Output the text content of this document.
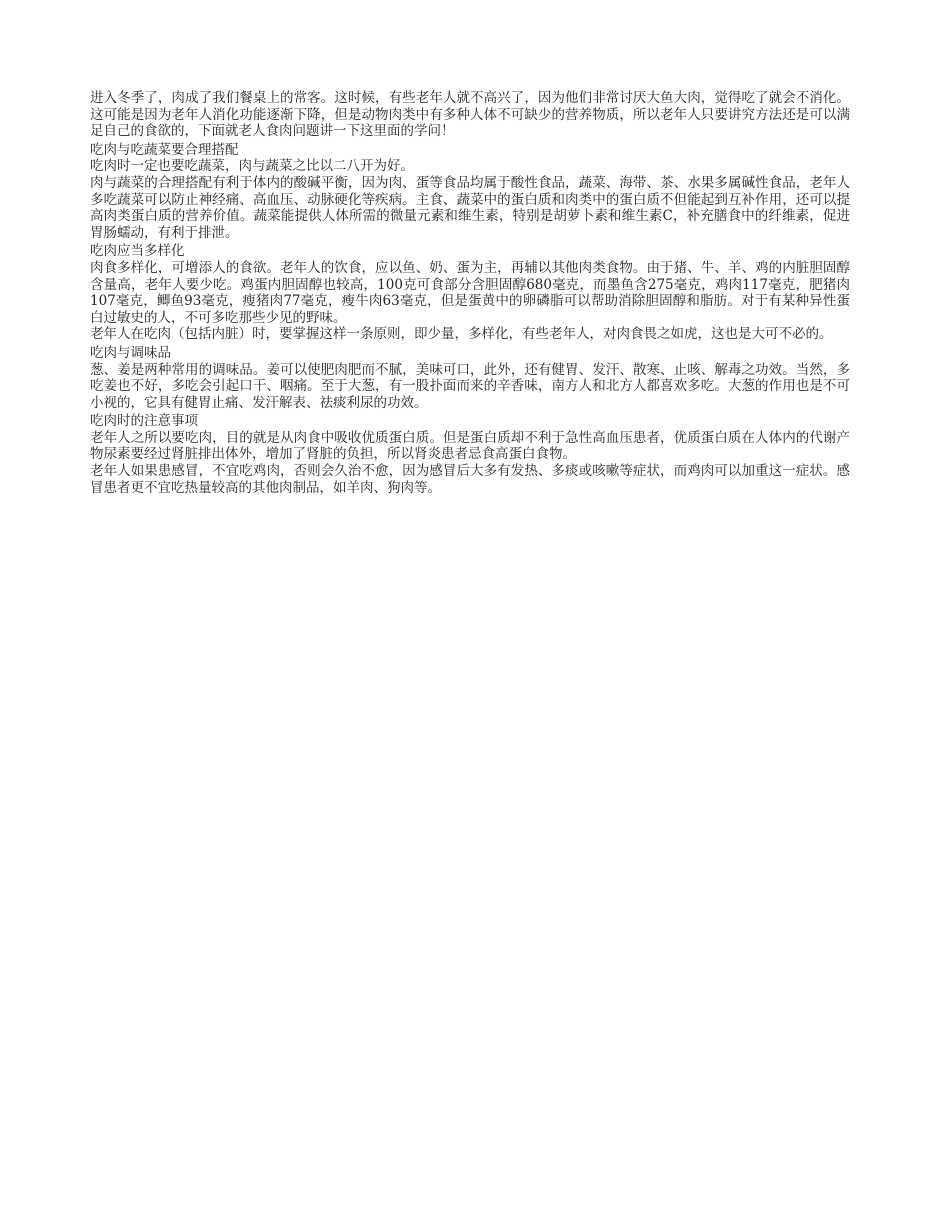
进入冬季了，肉成了我们餐桌上的常客。这时候，有些老年人就不高兴了，因为他们非常讨厌大鱼大肉，觉得吃了就会不消化。这可能是因为老年人消化功能逐渐下降，但是动物肉类中有多种人体不可缺少的营养物质，所以老年人只要讲究方法还是可以满足自己的食欲的，下面就老人食肉问题讲一下这里面的学问！

吃肉与吃蔬菜要合理搭配

吃肉时一定也要吃蔬菜，肉与蔬菜之比以二八开为好。

肉与蔬菜的合理搭配有利于体内的酸碱平衡，因为肉、蛋等食品均属于酸性食品，蔬菜、海带、茶、水果多属碱性食品，老年人多吃蔬菜可以防止神经痛、高血压、动脉硬化等疾病。主食、蔬菜中的蛋白质和肉类中的蛋白质不但能起到互补作用，还可以提高肉类蛋白质的营养价值。蔬菜能提供人体所需的微量元素和维生素，特别是胡萝卜素和维生素C，补充膳食中的纤维素，促进胃肠蠕动，有利于排泄。

吃肉应当多样化

肉食多样化，可增添人的食欲。老年人的饮食，应以鱼、奶、蛋为主，再辅以其他肉类食物。由于猪、牛、羊、鸡的内脏胆固醇含量高，老年人要少吃。鸡蛋内胆固醇也较高，100克可食部分含胆固醇680毫克，而墨鱼含275毫克，鸡肉117毫克，肥猪肉107毫克，鲫鱼93毫克，瘦猪肉77毫克，瘦牛肉63毫克，但是蛋黄中的卵磷脂可以帮助消除胆固醇和脂肪。对于有某种异性蛋白过敏史的人，不可多吃那些少见的野味。

老年人在吃肉（包括内脏）时，要掌握这样一条原则，即少量，多样化，有些老年人，对肉食畏之如虎，这也是大可不必的。

吃肉与调味品

葱、姜是两种常用的调味品。姜可以使肥肉肥而不腻，美味可口，此外，还有健胃、发汗、散寒、止咳、解毒之功效。当然，多吃姜也不好，多吃会引起口干、咽痛。至于大葱，有一股扑面而来的辛香味，南方人和北方人都喜欢多吃。大葱的作用也是不可小视的，它具有健胃止痛、发汗解表、祛痰利尿的功效。

吃肉时的注意事项

老年人之所以要吃肉，目的就是从肉食中吸收优质蛋白质。但是蛋白质却不利于急性高血压患者，优质蛋白质在人体内的代谢产物尿素要经过肾脏排出体外，增加了肾脏的负担，所以肾炎患者忌食高蛋白食物。

老年人如果患感冒，不宜吃鸡肉，否则会久治不愈，因为感冒后大多有发热、多痰或咳嗽等症状，而鸡肉可以加重这一症状。感冒患者更不宜吃热量较高的其他肉制品，如羊肉、狗肉等。
